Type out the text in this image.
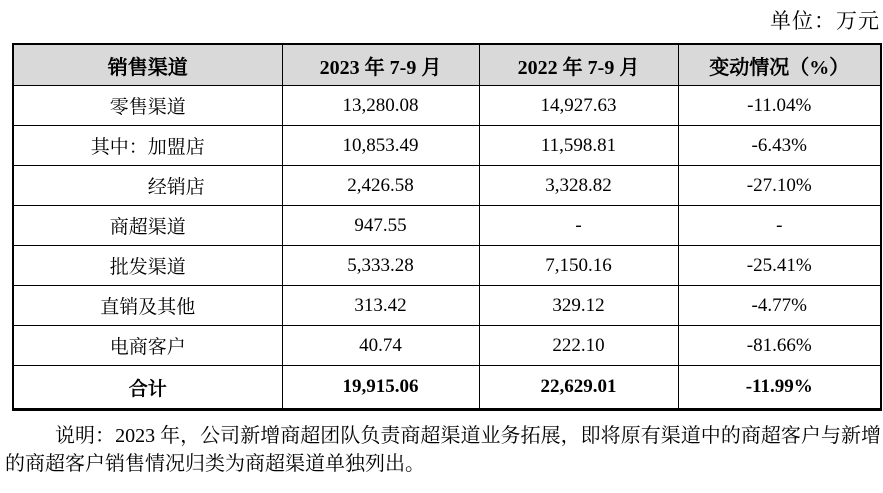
单位：万元
销售渠道	2023 年 7-9 月	2022 年 7-9 月	变动情况（%）
零售渠道	13,280.08	14,927.63	-11.04%
其中：加盟店	10,853.49	11,598.81	-6.43%
　　　经销店	2,426.58	3,328.82	-27.10%
商超渠道	947.55	-	-
批发渠道	5,333.28	7,150.16	-25.41%
直销及其他	313.42	329.12	-4.77%
电商客户	40.74	222.10	-81.66%
合计	19,915.06	22,629.01	-11.99%

说明：2023 年，公司新增商超团队负责商超渠道业务拓展，即将原有渠道中的商超客户与新增的商超客户销售情况归类为商超渠道单独列出。
